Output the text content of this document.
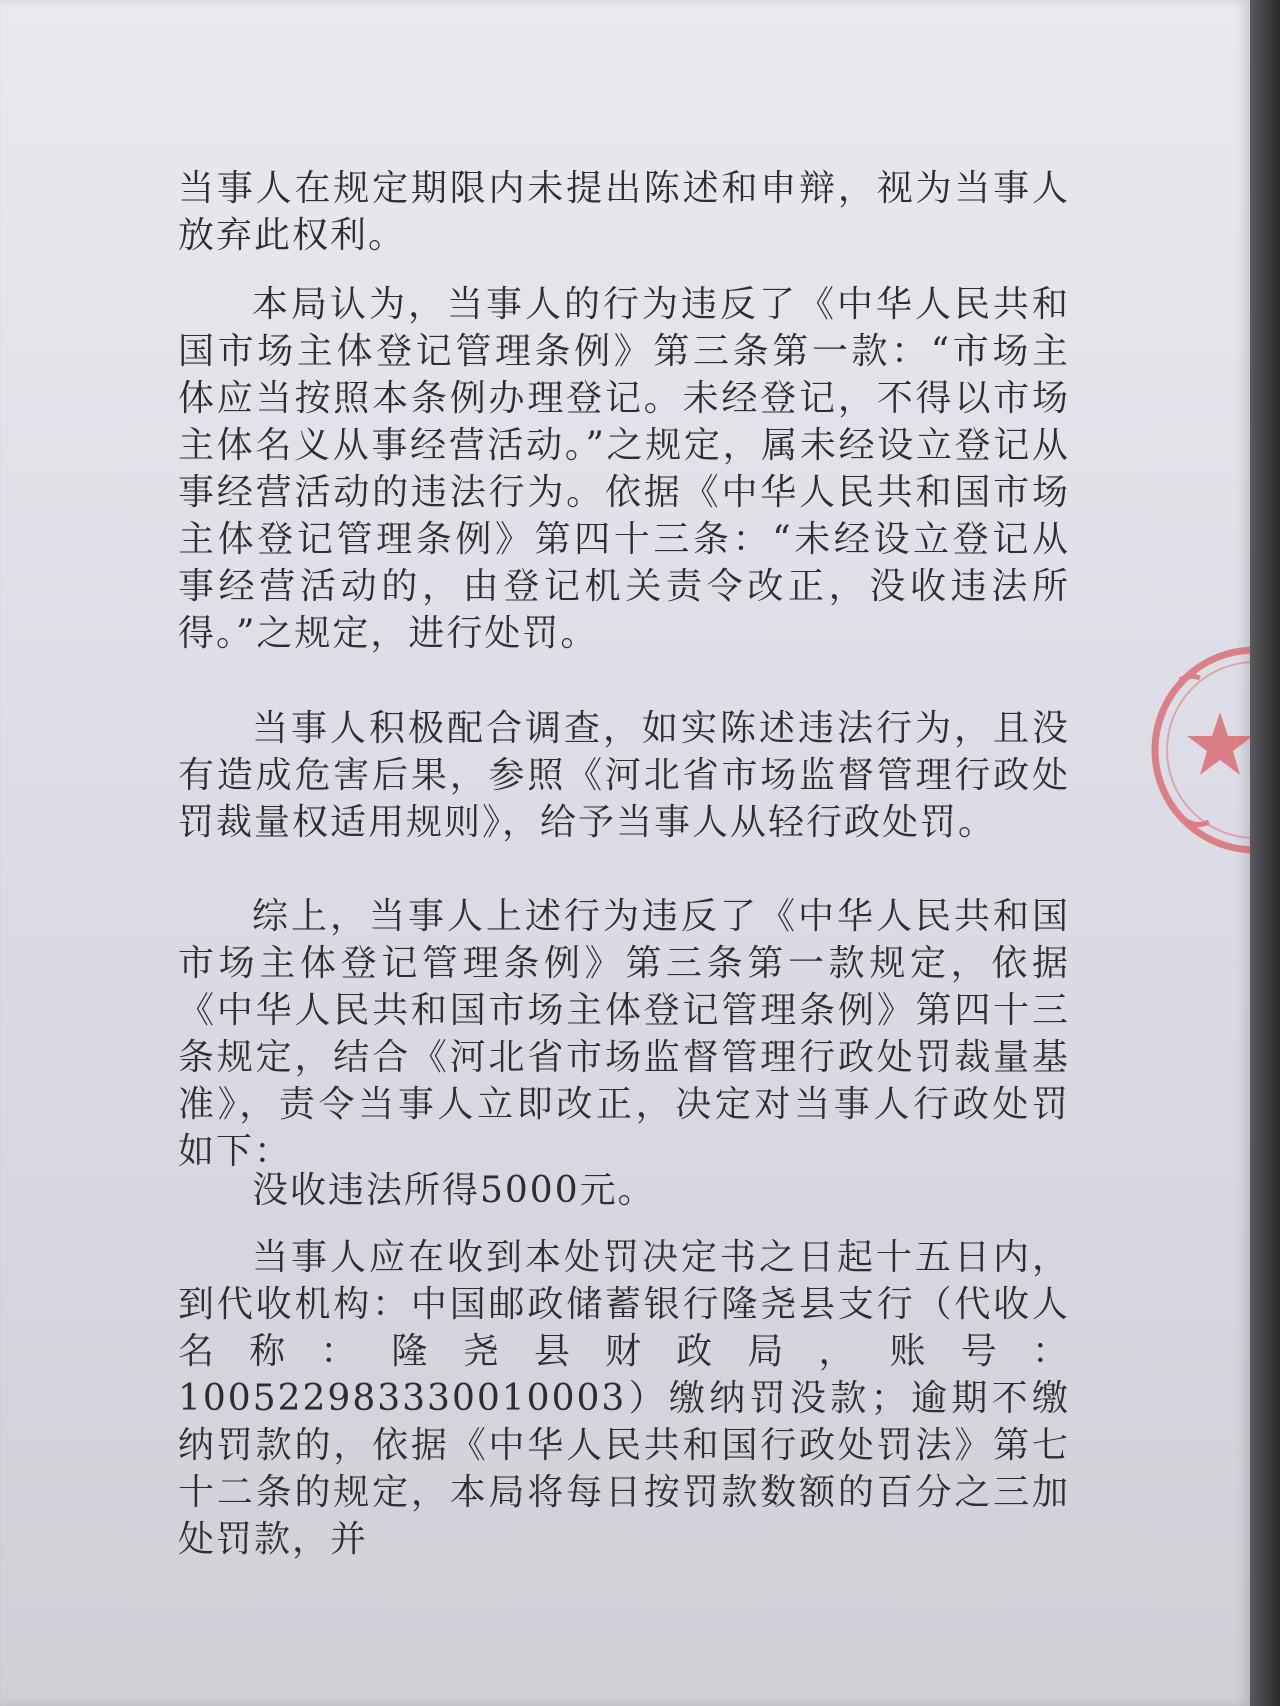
当事人在规定期限内未提出陈述和申辩，视为当事人放弃此权利。

本局认为，当事人的行为违反了《中华人民共和国市场主体登记管理条例》第三条第一款：“市场主体应当按照本条例办理登记。未经登记，不得以市场主体名义从事经营活动。”之规定，属未经设立登记从事经营活动的违法行为。依据《中华人民共和国市场主体登记管理条例》第四十三条：“未经设立登记从事经营活动的，由登记机关责令改正，没收违法所得。”之规定，进行处罚。

当事人积极配合调查，如实陈述违法行为，且没有造成危害后果，参照《河北省市场监督管理行政处罚裁量权适用规则》，给予当事人从轻行政处罚。

综上，当事人上述行为违反了《中华人民共和国市场主体登记管理条例》第三条第一款规定，依据《中华人民共和国市场主体登记管理条例》第四十三条规定，结合《河北省市场监督管理行政处罚裁量基准》，责令当事人立即改正，决定对当事人行政处罚如下：

没收违法所得5000元。

当事人应在收到本处罚决定书之日起十五日内，到代收机构：中国邮政储蓄银行隆尧县支行（代收人名称：隆尧县财政局，账号：100522983330010003）缴纳罚没款；逾期不缴纳罚款的，依据《中华人民共和国行政处罚法》第七十二条的规定，本局将每日按罚款数额的百分之三加处罚款，并
